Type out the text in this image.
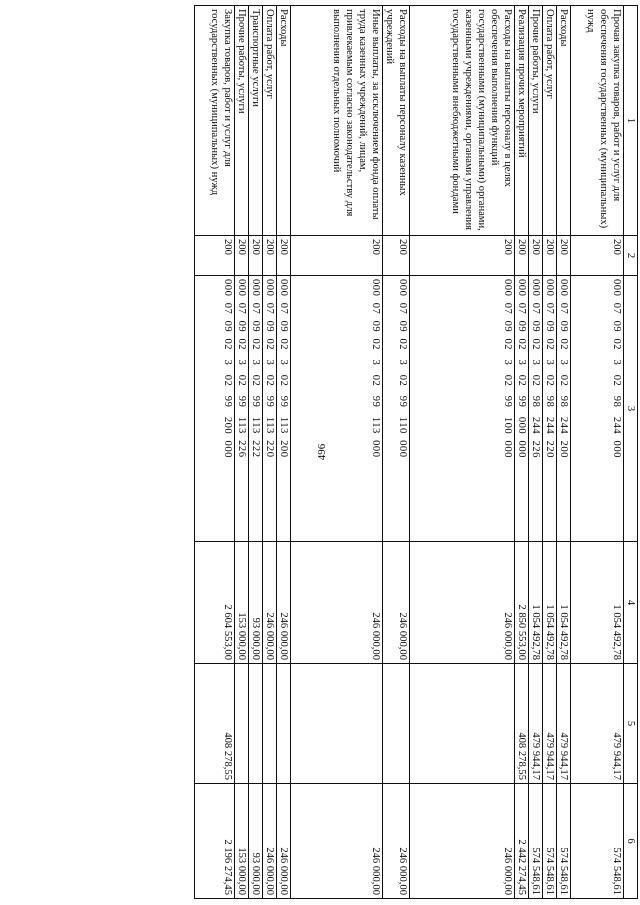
496
1	2	3	4	5	6
Прочая закупка товаров, работ и услуг для обеспечения государственных (муниципальных) нужд	200	000  07  09  02   3   02   98   244  000	1 054 492,78	479 944,17	574 548,61
Расходы	200	000  07  09  02   3   02   98   244  200	1 054 492,78	479 944,17	574 548,61
Оплата работ, услуг	200	000  07  09  02   3   02   98   244  220	1 054 492,78	479 944,17	574 548,61
Прочие работы, услуги	200	000  07  09  02   3   02   98   244  226	1 054 492,78	479 944,17	574 548,61
Реализация прочих мероприятий	200	000  07  09  02   3   02   99   000  000	2 850 553,00	408 278,55	2 442 274,45
Расходы на выплаты персоналу в целях обеспечения выполнения функций государственными (муниципальными) органами, казенными учреждениями, органами управления государственными внебюджетными фондами	200	000  07  09  02   3   02   99   100  000	246 000,00		246 000,00
Расходы на выплаты персоналу казенных учреждений	200	000  07  09  02   3   02   99   110  000	246 000,00		246 000,00
Иные выплаты, за исключением фонда оплаты труда казенных учреждений, лицам, привлекаемым согласно законодательству для выполнения отдельных полномочий	200	000  07  09  02   3   02   99   113  000	246 000,00		246 000,00
Расходы	200	000  07  09  02   3   02   99   113  200	246 000,00		246 000,00
Оплата работ, услуг	200	000  07  09  02   3   02   99   113  220	246 000,00		246 000,00
Транспортные услуги	200	000  07  09  02   3   02   99   113  222	93 000,00		93 000,00
Прочие работы, услуги	200	000  07  09  02   3   02   99   113  226	153 000,00		153 000,00
Закупка товаров, работ и услуг для государственных (муниципальных) нужд	200	000  07  09  02   3   02   99   200  000	2 604 553,00	408 278,55	2 196 274,45
